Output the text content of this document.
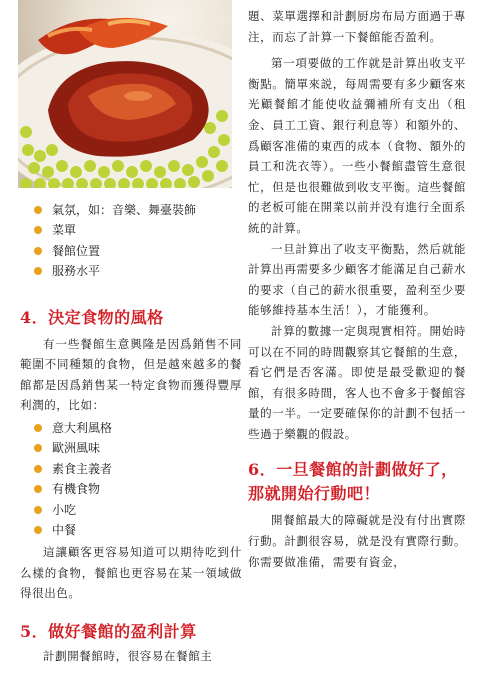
氣氛，如：音樂、舞臺裝飾
菜單
餐館位置
服務水平
4．決定食物的風格

有一些餐館生意興隆是因爲銷售不同範圍不同種類的食物，但是越來越多的餐館都是因爲銷售某一特定食物而獲得豐厚利潤的，比如：

意大利風格
歐洲風味
素食主義者
有機食物
小吃
中餐

這讓顧客更容易知道可以期待吃到什么樣的食物，餐館也更容易在某一領域做得很出色。

5．做好餐館的盈利計算

計劃開餐館時，很容易在餐館主

題、菜單選擇和計劃厨房布局方面過于專注，而忘了計算一下餐館能否盈利。

第一項要做的工作就是計算出收支平衡點。簡單來説，每周需要有多少顧客來光顧餐館才能使收益彌補所有支出（租金、員工工資、銀行利息等）和額外的、爲顧客准備的東西的成本（食物、額外的員工和洗衣等）。一些小餐館盡管生意很忙，但是也很難做到收支平衡。這些餐館的老板可能在開業以前并没有進行全面系統的計算。

一旦計算出了收支平衡點，然后就能計算出再需要多少顧客才能滿足自己薪水的要求（自己的薪水很重要，盈利至少要能够維持基本生活！），才能獲利。

計算的數據一定與現實相符。開始時可以在不同的時間觀察其它餐館的生意，看它們是否客滿。即使是最受歡迎的餐館，有很多時間，客人也不會多于餐館容量的一半。一定要確保你的計劃不包括一些過于樂觀的假設。

6．一旦餐館的計劃做好了，那就開始行動吧！

開餐館最大的障礙就是没有付出實際行動。計劃很容易，就是没有實際行動。你需要做准備，需要有資金，
